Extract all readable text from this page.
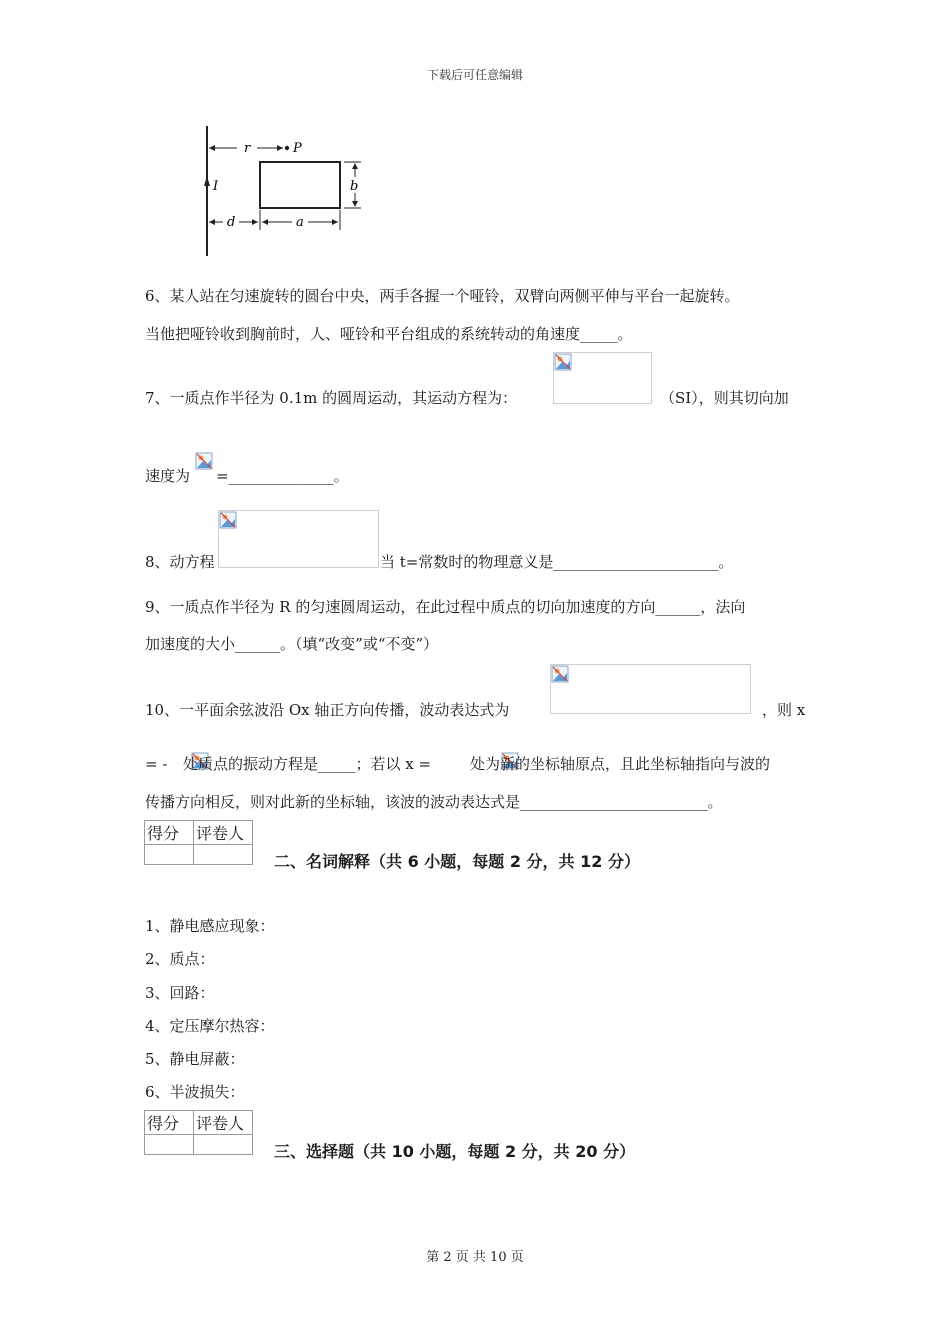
下载后可任意编辑
r	P
I	b
d	a
6、某人站在匀速旋转的圆台中央，两手各握一个哑铃，双臂向两侧平伸与平台一起旋转。
当他把哑铃收到胸前时，人、哑铃和平台组成的系统转动的角速度_____。
7、一质点作半径为 0.1m 的圆周运动，其运动方程为：	（SI），则其切向加
速度为
=______________。
8、动方程	当 t=常数时的物理意义是______________________。
9、一质点作半径为 R 的匀速圆周运动，在此过程中质点的切向加速度的方向______，法向
加速度的大小______。（填“改变”或“不变”）
10、一平面余弦波沿 Ox 轴正方向传播，波动表达式为	，则 x
= -
处质点的振动方程是_____；若以 x =	处为新的坐标轴原点，且此坐标轴指向与波的
传播方向相反，则对此新的坐标轴，该波的波动表达式是_________________________。
得分	评卷人

二、名词解释（共 6 小题，每题 2 分，共 12 分）
1、静电感应现象：
2、质点：
3、回路：
4、定压摩尔热容：
5、静电屏蔽：
6、半波损失：
得分	评卷人

三、选择题（共 10 小题，每题 2 分，共 20 分）
第 2 页 共 10 页
